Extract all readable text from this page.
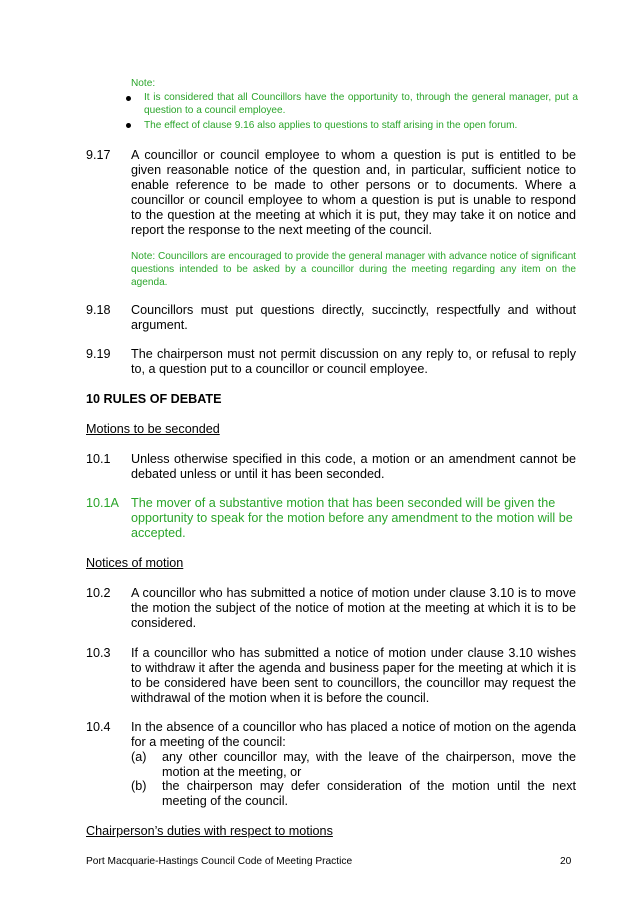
Note:
It is considered that all Councillors have the opportunity to, through the general manager, put a question to a council employee.
The effect of clause 9.16 also applies to questions to staff arising in the open forum.
9.17 A councillor or council employee to whom a question is put is entitled to be given reasonable notice of the question and, in particular, sufficient notice to enable reference to be made to other persons or to documents. Where a councillor or council employee to whom a question is put is unable to respond to the question at the meeting at which it is put, they may take it on notice and report the response to the next meeting of the council.
Note: Councillors are encouraged to provide the general manager with advance notice of significant questions intended to be asked by a councillor during the meeting regarding any item on the agenda.
9.18 Councillors must put questions directly, succinctly, respectfully and without argument.
9.19 The chairperson must not permit discussion on any reply to, or refusal to reply to, a question put to a councillor or council employee.
10 RULES OF DEBATE
Motions to be seconded
10.1 Unless otherwise specified in this code, a motion or an amendment cannot be debated unless or until it has been seconded.
10.1A The mover of a substantive motion that has been seconded will be given the opportunity to speak for the motion before any amendment to the motion will be accepted.
Notices of motion
10.2 A councillor who has submitted a notice of motion under clause 3.10 is to move the motion the subject of the notice of motion at the meeting at which it is to be considered.
10.3 If a councillor who has submitted a notice of motion under clause 3.10 wishes to withdraw it after the agenda and business paper for the meeting at which it is to be considered have been sent to councillors, the councillor may request the withdrawal of the motion when it is before the council.
10.4 In the absence of a councillor who has placed a notice of motion on the agenda for a meeting of the council:
(a) any other councillor may, with the leave of the chairperson, move the motion at the meeting, or
(b) the chairperson may defer consideration of the motion until the next meeting of the council.
Chairperson’s duties with respect to motions
Port Macquarie-Hastings Council Code of Meeting Practice	20
